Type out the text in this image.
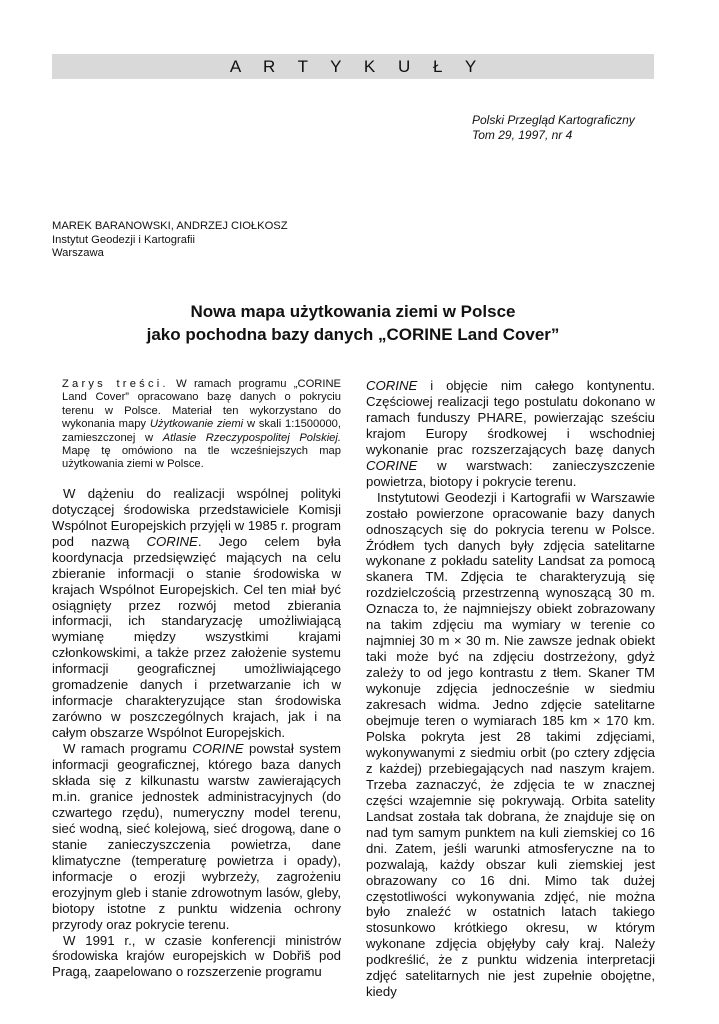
A R T Y K U Ł Y
Polski Przegląd Kartograficzny
Tom 29, 1997, nr 4
MAREK BARANOWSKI, ANDRZEJ CIOŁKOSZ
Instytut Geodezji i Kartografii
Warszawa
Nowa mapa użytkowania ziemi w Polsce
jako pochodna bazy danych „CORINE Land Cover”

Zarys treści. W ramach programu „CORINE Land Cover” opracowano bazę danych o pokryciu terenu w Polsce. Materiał ten wykorzystano do wykonania mapy Użytkowanie ziemi w skali 1:1500000, zamieszczonej w Atlasie Rzeczypospolitej Polskiej. Mapę tę omówiono na tle wcześniejszych map użytkowania ziemi w Polsce.

W dążeniu do realizacji wspólnej polityki dotyczącej środowiska przedstawiciele Komisji Wspólnot Europejskich przyjęli w 1985 r. program pod nazwą CORINE. Jego celem była koordynacja przedsięwzięć mających na celu zbieranie informacji o stanie środowiska w krajach Wspólnot Europejskich. Cel ten miał być osiągnięty przez rozwój metod zbierania informacji, ich standaryzację umożliwiającą wymianę między wszystkimi krajami członkowskimi, a także przez założenie systemu informacji geograficznej umożliwiającego gromadzenie danych i przetwarzanie ich w informacje charakteryzujące stan środowiska zarówno w poszczególnych krajach, jak i na całym obszarze Wspólnot Europejskich.

W ramach programu CORINE powstał system informacji geograficznej, którego baza danych składa się z kilkunastu warstw zawierających m.in. granice jednostek administracyjnych (do czwartego rzędu), numeryczny model terenu, sieć wodną, sieć kolejową, sieć drogową, dane o stanie zanieczyszczenia powietrza, dane klimatyczne (temperaturę powietrza i opady), informacje o erozji wybrzeży, zagrożeniu erozyjnym gleb i stanie zdrowotnym lasów, gleby, biotopy istotne z punktu widzenia ochrony przyrody oraz pokrycie terenu.

W 1991 r., w czasie konferencji ministrów środowiska krajów europejskich w Dobřiš pod Pragą, zaapelowano o rozszerzenie programu

CORINE i objęcie nim całego kontynentu. Częściowej realizacji tego postulatu dokonano w ramach funduszy PHARE, powierzając sześciu krajom Europy środkowej i wschodniej wykonanie prac rozszerzających bazę danych CORINE w warstwach: zanieczyszczenie powietrza, biotopy i pokrycie terenu.

Instytutowi Geodezji i Kartografii w Warszawie zostało powierzone opracowanie bazy danych odnoszących się do pokrycia terenu w Polsce. Źródłem tych danych były zdjęcia satelitarne wykonane z pokładu satelity Landsat za pomocą skanera TM. Zdjęcia te charakteryzują się rozdzielczością przestrzenną wynoszącą 30 m. Oznacza to, że najmniejszy obiekt zobrazowany na takim zdjęciu ma wymiary w terenie co najmniej 30 m × 30 m. Nie zawsze jednak obiekt taki może być na zdjęciu dostrzeżony, gdyż zależy to od jego kontrastu z tłem. Skaner TM wykonuje zdjęcia jednocześnie w siedmiu zakresach widma. Jedno zdjęcie satelitarne obejmuje teren o wymiarach 185 km × 170 km. Polska pokryta jest 28 takimi zdjęciami, wykonywanymi z siedmiu orbit (po cztery zdjęcia z każdej) przebiegających nad naszym krajem. Trzeba zaznaczyć, że zdjęcia te w znacznej części wzajemnie się pokrywają. Orbita satelity Landsat została tak dobrana, że znajduje się on nad tym samym punktem na kuli ziemskiej co 16 dni. Zatem, jeśli warunki atmosferyczne na to pozwalają, każdy obszar kuli ziemskiej jest obrazowany co 16 dni. Mimo tak dużej częstotliwości wykonywania zdjęć, nie można było znaleźć w ostatnich latach takiego stosunkowo krótkiego okresu, w którym wykonane zdjęcia objęłyby cały kraj. Należy podkreślić, że z punktu widzenia interpretacji zdjęć satelitarnych nie jest zupełnie obojętne, kiedy
